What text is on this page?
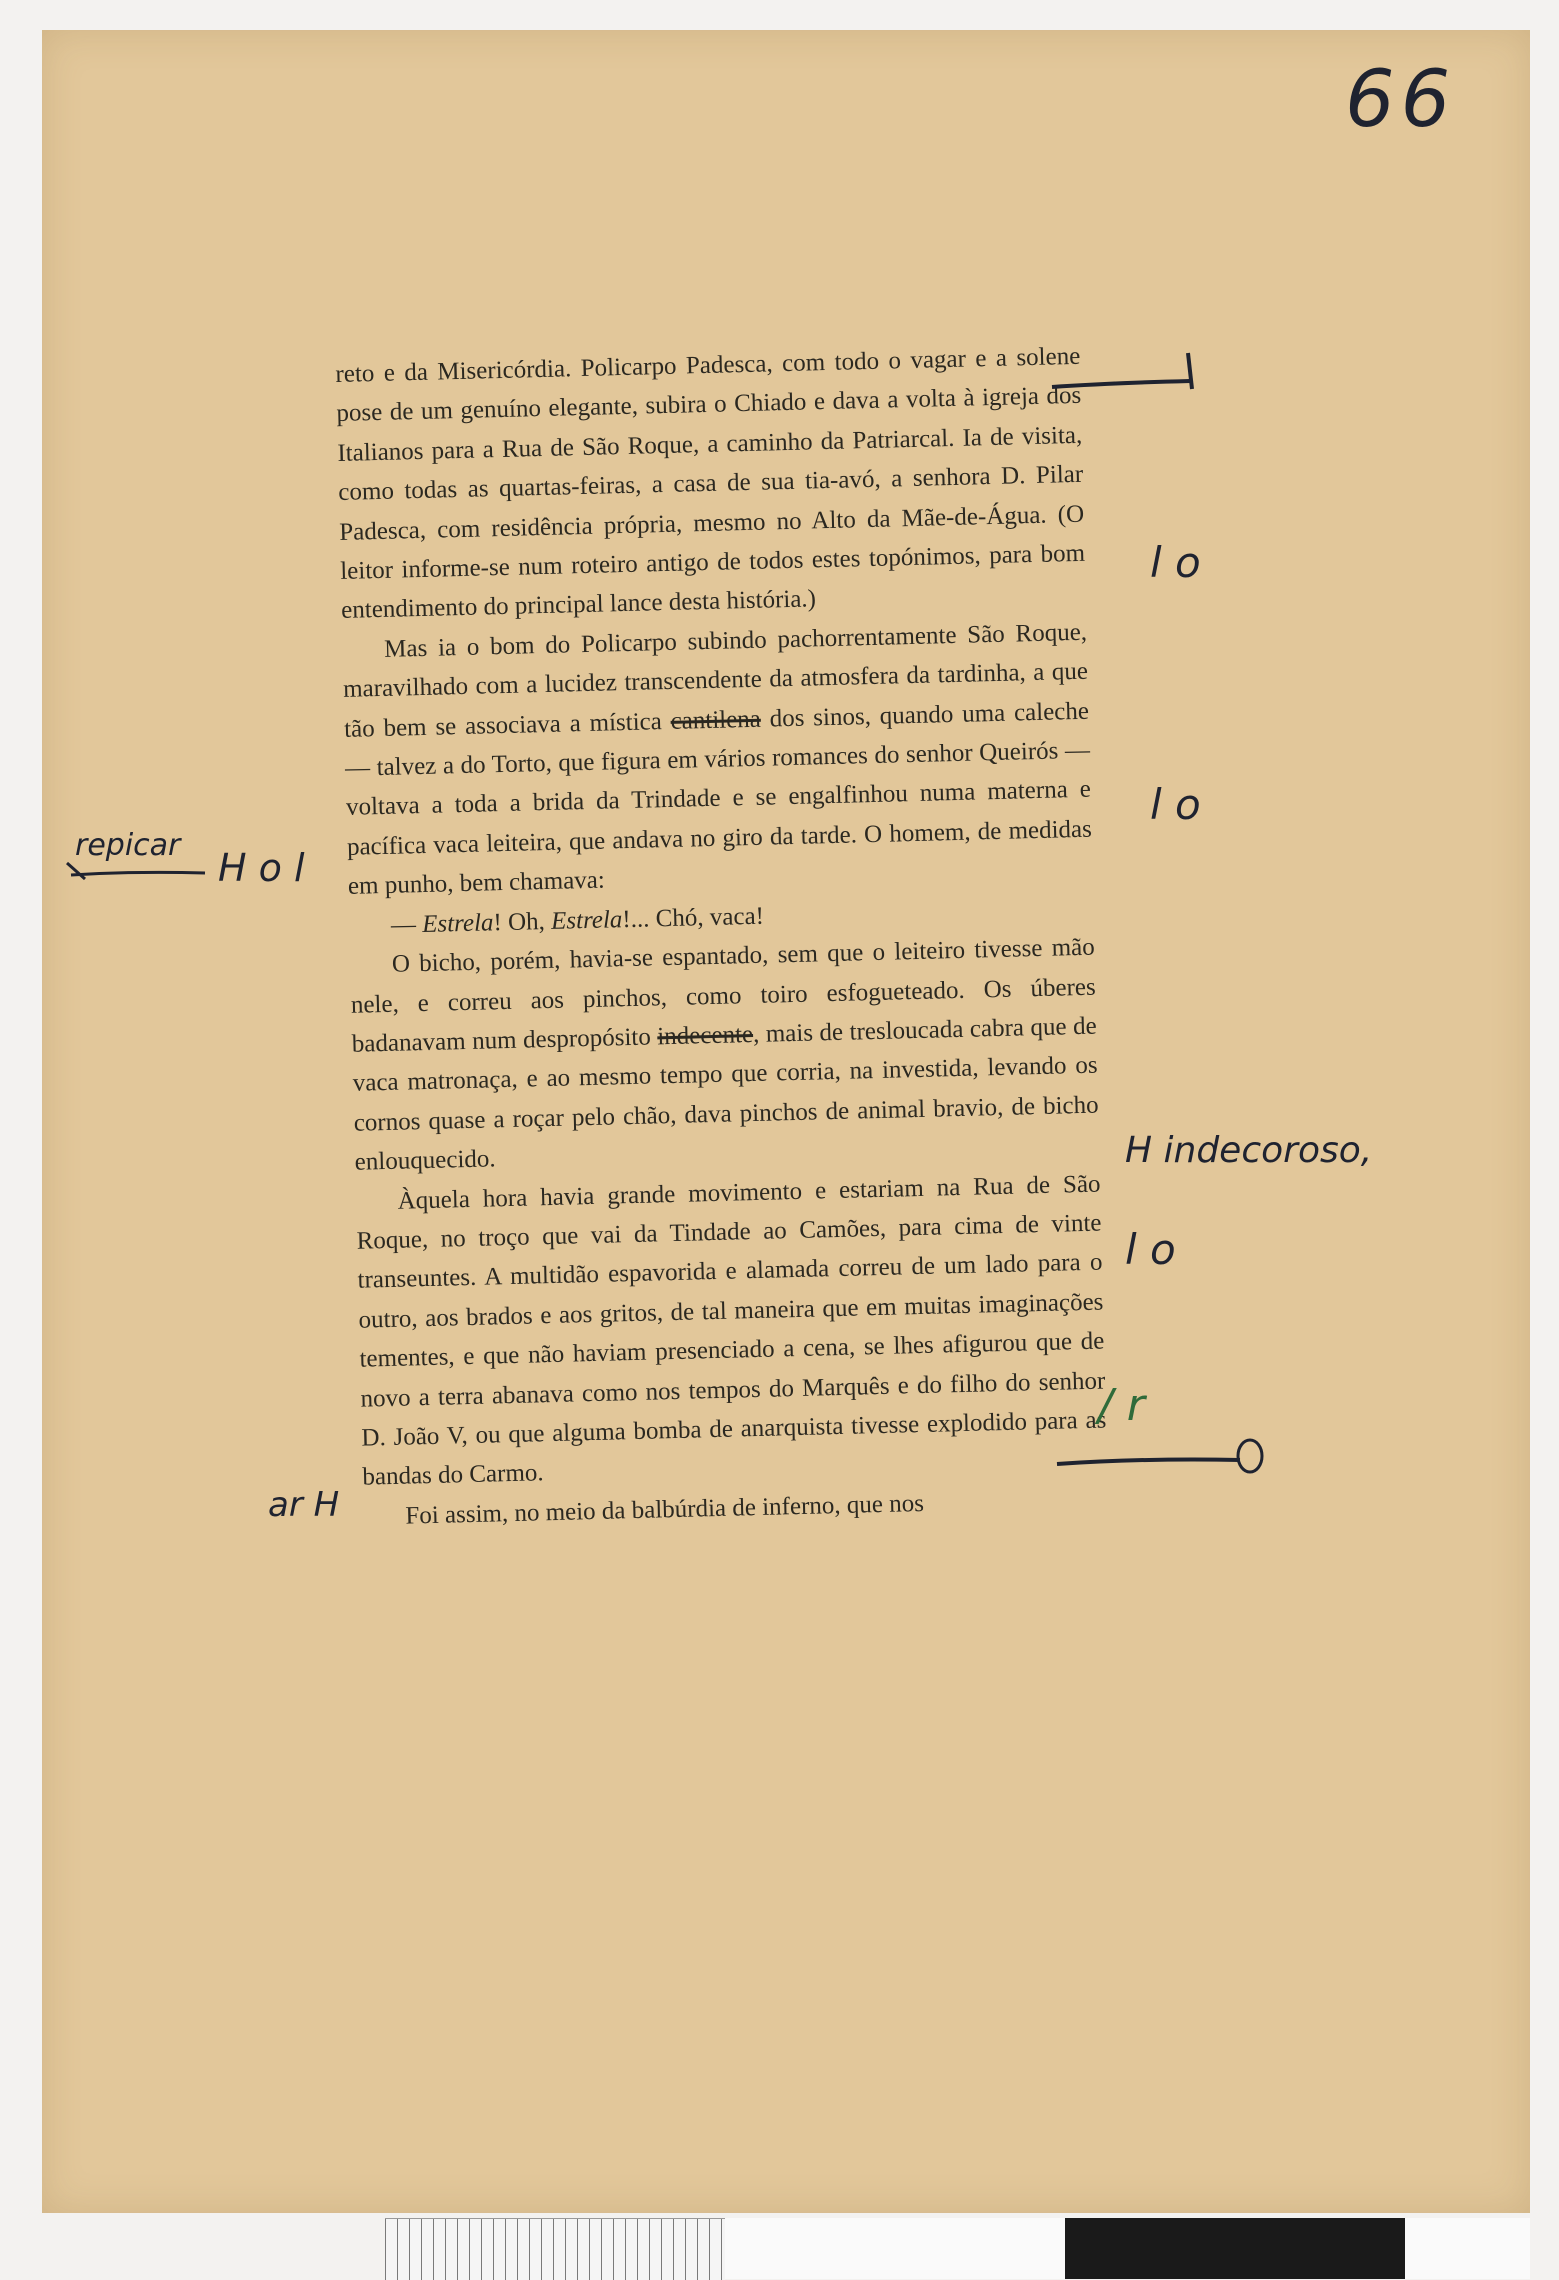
66

reto e da Misericórdia. Policarpo Padesca, com todo o vagar e a solene pose de um genuíno elegante, subira o Chiado e dava a volta à igreja dos Italianos para a Rua de São Roque, a caminho da Patriarcal. Ia de visita, como todas as quartas-feiras, a casa de sua tia-avó, a senhora D. Pilar Padesca, com residência própria, mesmo no Alto da Mãe-de-Água. (O leitor informe-se num roteiro antigo de todos estes topónimos, para bom entendimento do principal lance desta história.)

Mas ia o bom do Policarpo subindo pachorrentamente São Roque, maravilhado com a lucidez transcendente da atmosfera da tardinha, a que tão bem se associava a mística cantilena dos sinos, quando uma caleche — talvez a do Torto, que figura em vários romances do senhor Queirós — voltava a toda a brida da Trindade e se engalfinhou numa materna e pacífica vaca leiteira, que andava no giro da tarde. O homem, de medidas em punho, bem chamava:

— Estrela! Oh, Estrela!... Chó, vaca!

O bicho, porém, havia-se espantado, sem que o leiteiro tivesse mão nele, e correu aos pinchos, como toiro esfogueteado. Os úberes badanavam num despropósito indecente, mais de tresloucada cabra que de vaca matronaça, e ao mesmo tempo que corria, na investida, levando os cornos quase a roçar pelo chão, dava pinchos de animal bravio, de bicho enlouquecido.

Àquela hora havia grande movimento e estariam na Rua de São Roque, no troço que vai da Tindade ao Camões, para cima de vinte transeuntes. A multidão espavorida e alamada correu de um lado para o outro, aos brados e aos gritos, de tal maneira que em muitas imaginações tementes, e que não haviam presenciado a cena, se lhes afigurou que de novo a terra abanava como nos tempos do Marquês e do filho do senhor D. João V, ou que alguma bomba de anarquista tivesse explodido para as bandas do Carmo.

Foi assim, no meio da balbúrdia de inferno, que nos

l o
l o
l o
H indecoroso,
repicar
H o l
ar H
/ r
